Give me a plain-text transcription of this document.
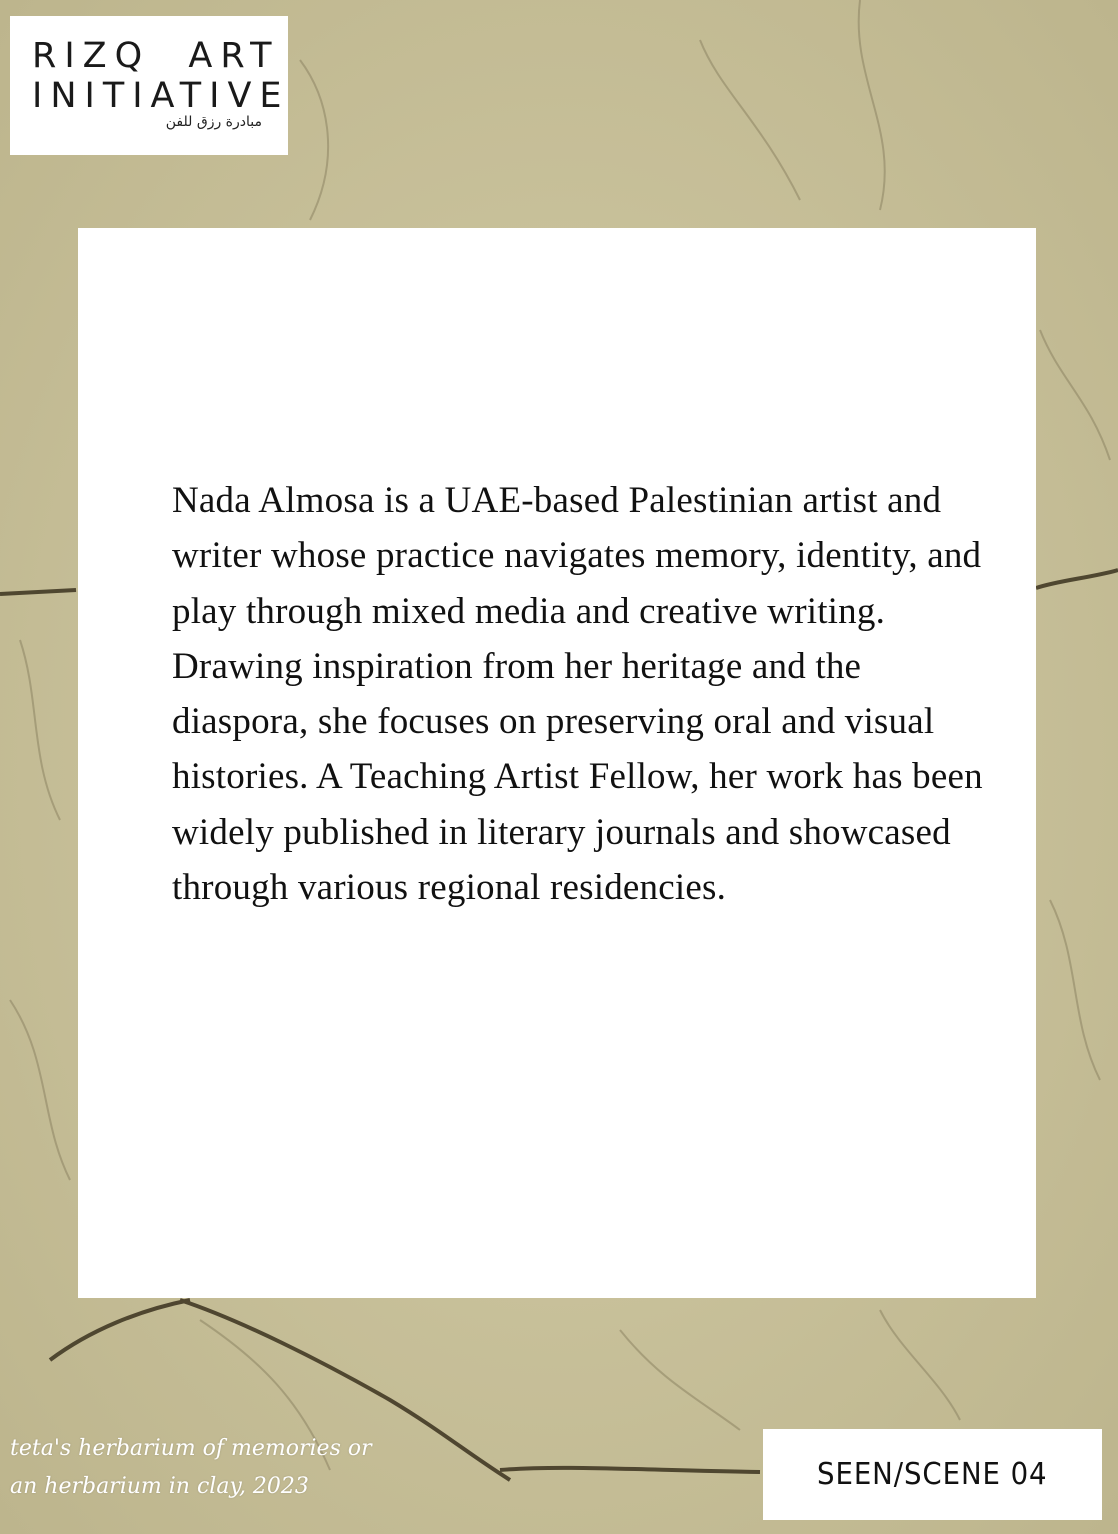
RIZQ  ART
INITIATIVE
مبادرة رزق للفن

Nada Almosa is a UAE-based Palestinian artist and writer whose practice navigates memory, identity, and play through mixed media and creative writing. Drawing inspiration from her heritage and the diaspora, she focuses on preserving oral and visual histories. A Teaching Artist Fellow, her work has been widely published in literary journals and showcased through various regional residencies.

teta's herbarium of memories or
an herbarium in clay, 2023	SEEN/SCENE 04
